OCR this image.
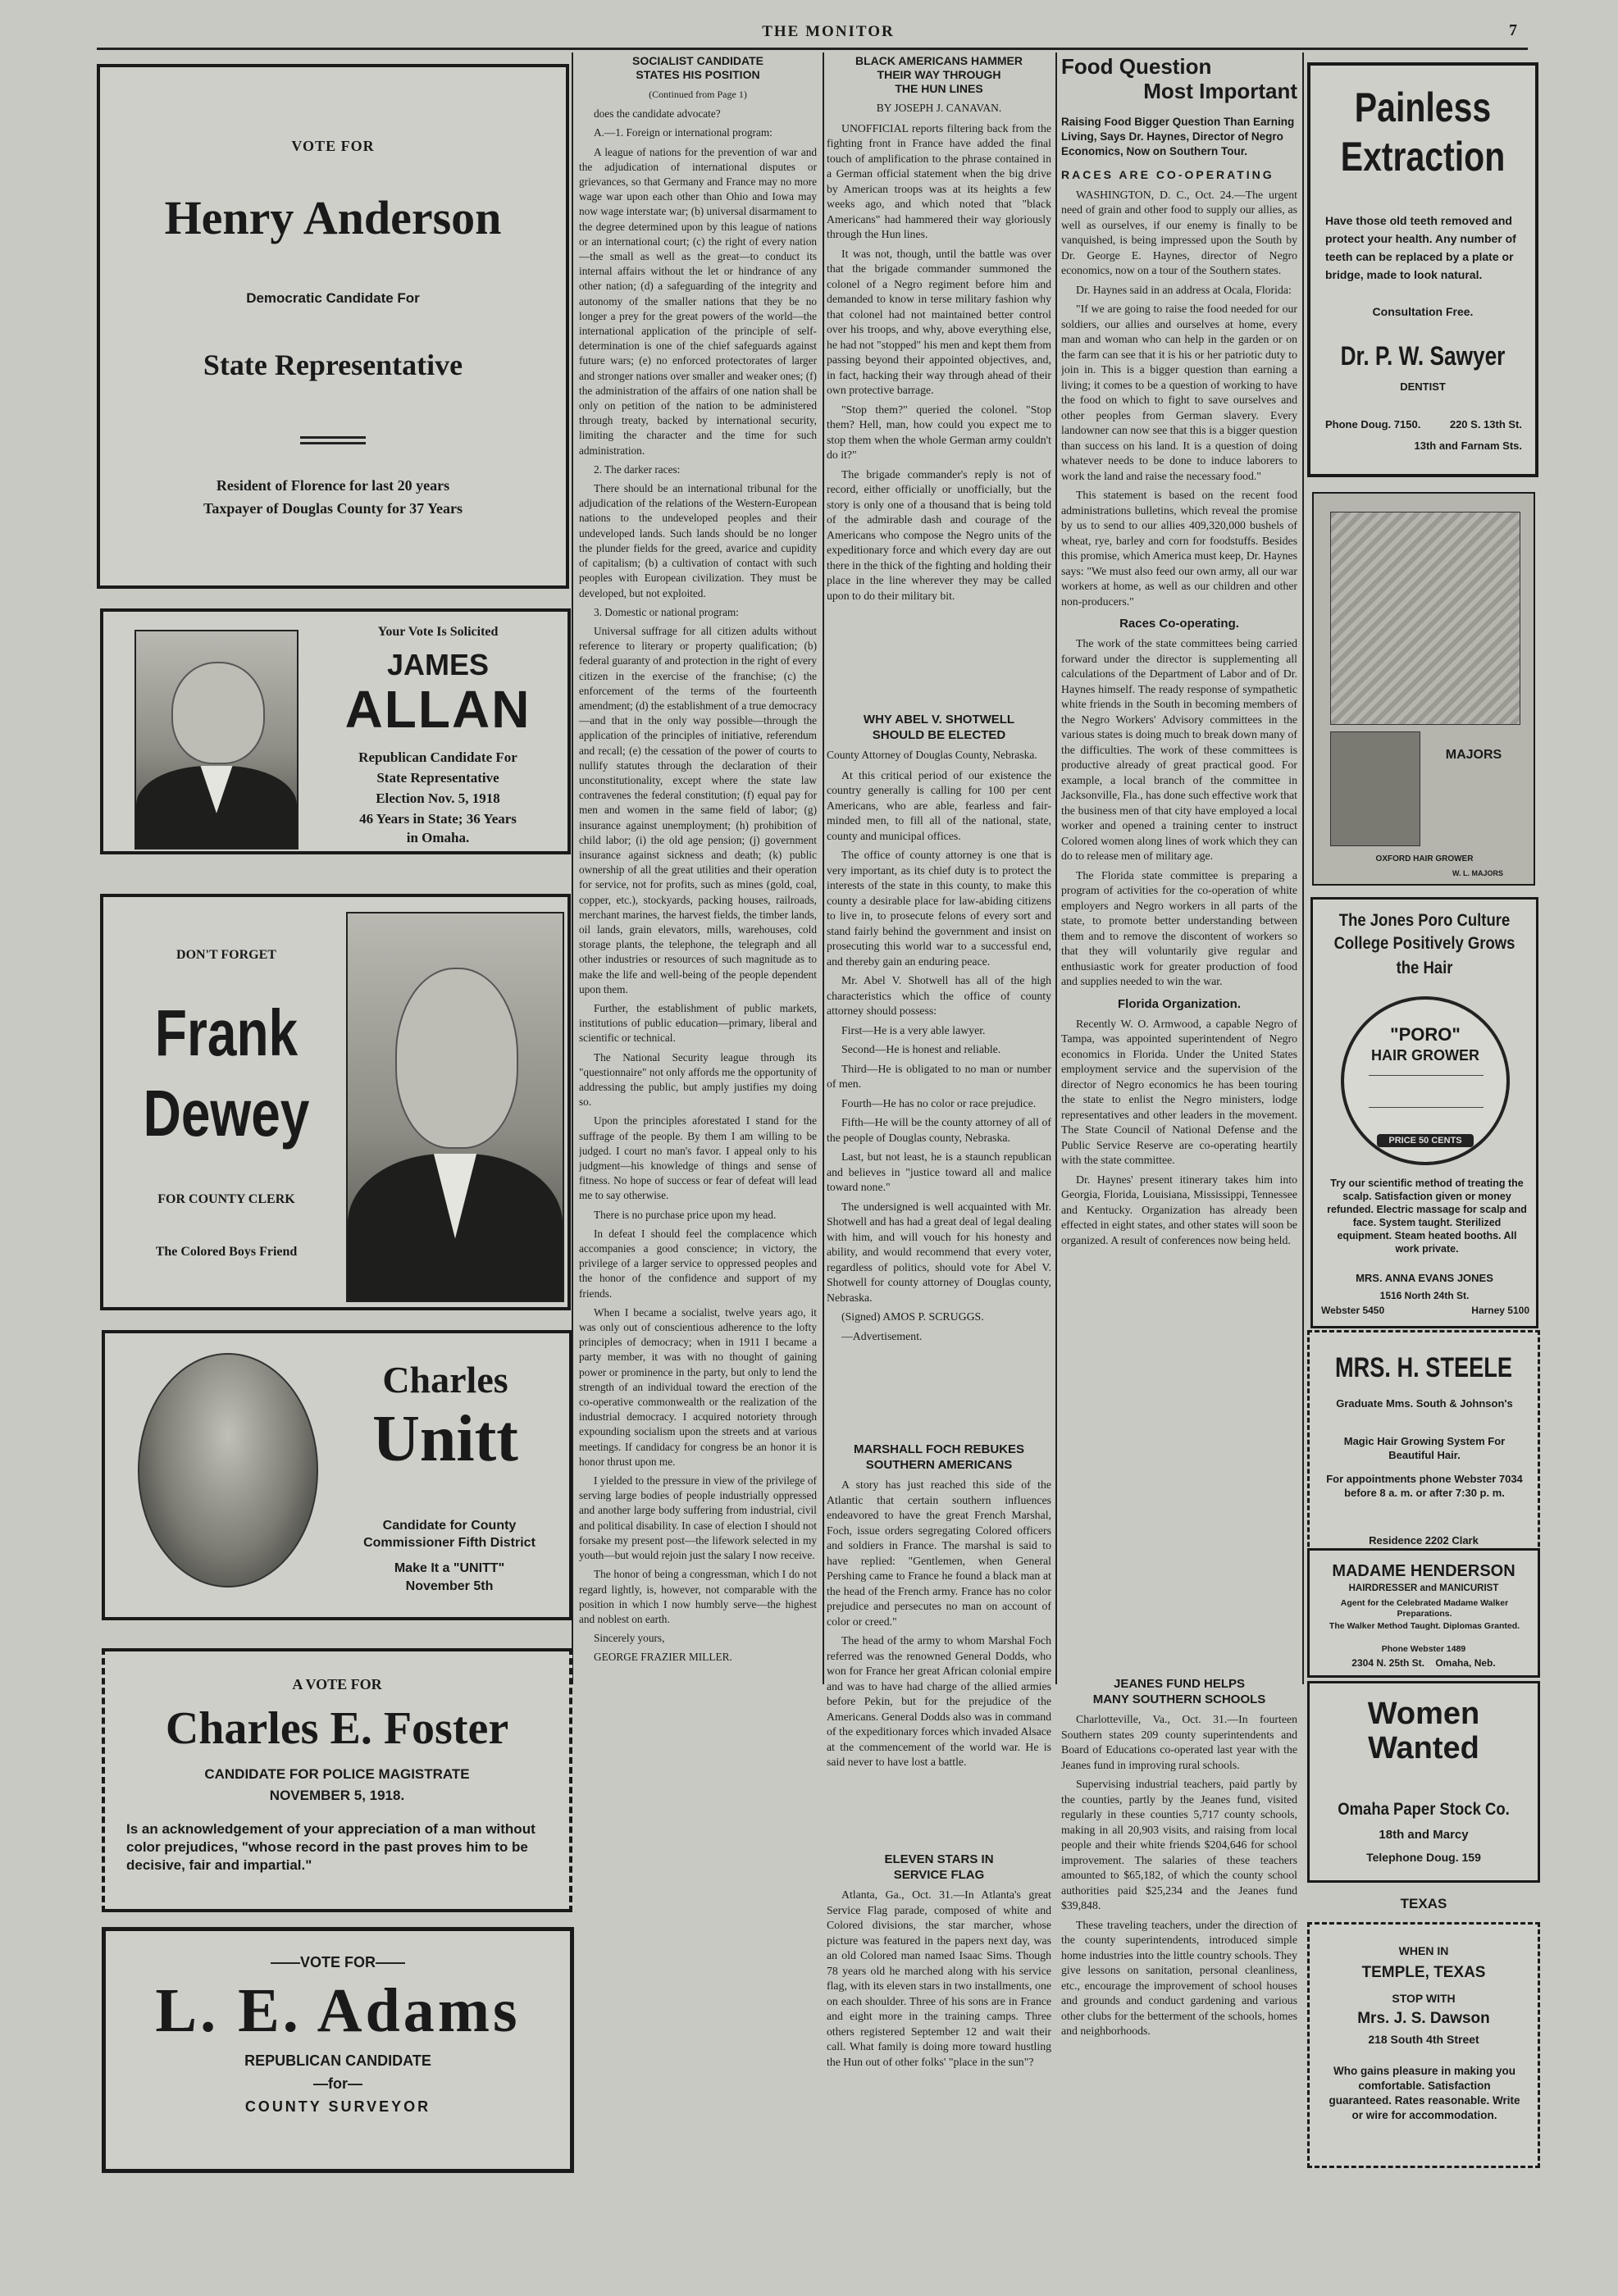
THE MONITOR	7
VOTE FOR
Henry Anderson
Democratic Candidate For
State Representative
Resident of Florence for last 20 years
Taxpayer of Douglas County for 37 Years
Your Vote Is Solicited
JAMES
ALLAN
Republican Candidate For
State Representative
Election Nov. 5, 1918
46 Years in State; 36 Years
in Omaha.
DON'T FORGET
Frank
Dewey
FOR COUNTY CLERK
The Colored Boys Friend
Charles
Unitt
Candidate for County Commissioner Fifth District
Make It a "UNITT"
November 5th
A VOTE FOR
Charles E. Foster
CANDIDATE FOR POLICE MAGISTRATE
NOVEMBER 5, 1918.
Is an acknowledgement of your appreciation of a man without color prejudices, "whose record in the past proves him to be decisive, fair and impartial."
——VOTE FOR——
L. E. Adams
REPUBLICAN CANDIDATE
—for—
COUNTY SURVEYOR
SOCIALIST CANDIDATE
STATES HIS POSITION
(Continued from Page 1)

does the candidate advocate?

A.—1. Foreign or international program:

A league of nations for the prevention of war and the adjudication of international disputes or grievances, so that Germany and France may no more wage war upon each other than Ohio and Iowa may now wage interstate war; (b) universal disarmament to the degree determined upon by this league of nations or an international court; (c) the right of every nation—the small as well as the great—to conduct its internal affairs without the let or hindrance of any other nation; (d) a safeguarding of the integrity and autonomy of the smaller nations that they be no longer a prey for the great powers of the world—the international application of the principle of self-determination is one of the chief safeguards against future wars; (e) no enforced protectorates of larger and stronger nations over smaller and weaker ones; (f) the administration of the affairs of one nation shall be only on petition of the nation to be administered through treaty, backed by international security, limiting the character and the time for such administration.

2. The darker races:

There should be an international tribunal for the adjudication of the relations of the Western-European nations to the undeveloped peoples and their undeveloped lands. Such lands should be no longer the plunder fields for the greed, avarice and cupidity of capitalism; (b) a cultivation of contact with such peoples with European civilization. They must be developed, but not exploited.

3. Domestic or national program:

Universal suffrage for all citizen adults without reference to literary or property qualification; (b) federal guaranty of and protection in the right of every citizen in the exercise of the franchise; (c) the enforcement of the terms of the fourteenth amendment; (d) the establishment of a true democracy—and that in the only way possible—through the application of the principles of initiative, referendum and recall; (e) the cessation of the power of courts to nullify statutes through the declaration of their unconstitutionality, except where the state law contravenes the federal constitution; (f) equal pay for men and women in the same field of labor; (g) insurance against unemployment; (h) prohibition of child labor; (i) the old age pension; (j) government insurance against sickness and death; (k) public ownership of all the great utilities and their operation for service, not for profits, such as mines (gold, coal, copper, etc.), stockyards, packing houses, railroads, merchant marines, the harvest fields, the timber lands, oil lands, grain elevators, mills, warehouses, cold storage plants, the telephone, the telegraph and all other industries or resources of such magnitude as to make the life and well-being of the people dependent upon them.

Further, the establishment of public markets, institutions of public education—primary, liberal and scientific or technical.

The National Security league through its "questionnaire" not only affords me the opportunity of addressing the public, but amply justifies my doing so.

Upon the principles aforestated I stand for the suffrage of the people. By them I am willing to be judged. I court no man's favor. I appeal only to his judgment—his knowledge of things and sense of fitness. No hope of success or fear of defeat will lead me to say otherwise.

There is no purchase price upon my head.

In defeat I should feel the complacence which accompanies a good conscience; in victory, the privilege of a larger service to oppressed peoples and the honor of the confidence and support of my friends.

When I became a socialist, twelve years ago, it was only out of conscientious adherence to the lofty principles of democracy; when in 1911 I became a party member, it was with no thought of gaining power or prominence in the party, but only to lend the strength of an individual toward the erection of the co-operative commonwealth or the realization of the industrial democracy. I acquired notoriety through expounding socialism upon the streets and at various meetings. If candidacy for congress be an honor it is honor thrust upon me.

I yielded to the pressure in view of the privilege of serving large bodies of people industrially oppressed and another large body suffering from industrial, civil and political disability. In case of election I should not forsake my present post—the lifework selected in my youth—but would rejoin just the salary I now receive.

The honor of being a congressman, which I do not regard lightly, is, however, not comparable with the position in which I now humbly serve—the highest and noblest on earth.

Sincerely yours,

GEORGE FRAZIER MILLER.

BLACK AMERICANS HAMMER
THEIR WAY THROUGH
THE HUN LINES
BY JOSEPH J. CANAVAN.

UNOFFICIAL reports filtering back from the fighting front in France have added the final touch of amplification to the phrase contained in a German official statement when the big drive by American troops was at its heights a few weeks ago, and which noted that "black Americans" had hammered their way gloriously through the Hun lines.

It was not, though, until the battle was over that the brigade commander summoned the colonel of a Negro regiment before him and demanded to know in terse military fashion why that colonel had not maintained better control over his troops, and why, above everything else, he had not "stopped" his men and kept them from passing beyond their appointed objectives, and, in fact, hacking their way through ahead of their own protective barrage.

"Stop them?" queried the colonel. "Stop them? Hell, man, how could you expect me to stop them when the whole German army couldn't do it?"

The brigade commander's reply is not of record, either officially or unofficially, but the story is only one of a thousand that is being told of the admirable dash and courage of the Americans who compose the Negro units of the expeditionary force and which every day are out there in the thick of the fighting and holding their place in the line wherever they may be called upon to do their military bit.

WHY ABEL V. SHOTWELL
SHOULD BE ELECTED
County Attorney of Douglas County, Nebraska.

At this critical period of our existence the country generally is calling for 100 per cent Americans, who are able, fearless and fair-minded men, to fill all of the national, state, county and municipal offices.

The office of county attorney is one that is very important, as its chief duty is to protect the interests of the state in this county, to make this county a desirable place for law-abiding citizens to live in, to prosecute felons of every sort and stand fairly behind the government and insist on prosecuting this world war to a successful end, and thereby gain an enduring peace.

Mr. Abel V. Shotwell has all of the high characteristics which the office of county attorney should possess:

First—He is a very able lawyer.

Second—He is honest and reliable.

Third—He is obligated to no man or number of men.

Fourth—He has no color or race prejudice.

Fifth—He will be the county attorney of all of the people of Douglas county, Nebraska.

Last, but not least, he is a staunch republican and believes in "justice toward all and malice toward none."

The undersigned is well acquainted with Mr. Shotwell and has had a great deal of legal dealing with him, and will vouch for his honesty and ability, and would recommend that every voter, regardless of politics, should vote for Abel V. Shotwell for county attorney of Douglas county, Nebraska.

(Signed) AMOS P. SCRUGGS.

—Advertisement.

MARSHALL FOCH REBUKES
SOUTHERN AMERICANS

A story has just reached this side of the Atlantic that certain southern influences endeavored to have the great French Marshal, Foch, issue orders segregating Colored officers and soldiers in France. The marshal is said to have replied: "Gentlemen, when General Pershing came to France he found a black man at the head of the French army. France has no color prejudice and persecutes no man on account of color or creed."

The head of the army to whom Marshal Foch referred was the renowned General Dodds, who won for France her great African colonial empire and was to have had charge of the allied armies before Pekin, but for the prejudice of the Americans. General Dodds also was in command of the expeditionary forces which invaded Alsace at the commencement of the world war. He is said never to have lost a battle.

ELEVEN STARS IN
SERVICE FLAG

Atlanta, Ga., Oct. 31.—In Atlanta's great Service Flag parade, composed of white and Colored divisions, the star marcher, whose picture was featured in the papers next day, was an old Colored man named Isaac Sims. Though 78 years old he marched along with his service flag, with its eleven stars in two installments, one on each shoulder. Three of his sons are in France and eight more in the training camps. Three others registered September 12 and wait their call. What family is doing more toward hustling the Hun out of other folks' "place in the sun"?

Food Question
Most Important
Raising Food Bigger Question Than Earning Living, Says Dr. Haynes, Director of Negro Economics, Now on Southern Tour.
RACES ARE CO-OPERATING

WASHINGTON, D. C., Oct. 24.—The urgent need of grain and other food to supply our allies, as well as ourselves, if our enemy is finally to be vanquished, is being impressed upon the South by Dr. George E. Haynes, director of Negro economics, now on a tour of the Southern states.

Dr. Haynes said in an address at Ocala, Florida:

"If we are going to raise the food needed for our soldiers, our allies and ourselves at home, every man and woman who can help in the garden or on the farm can see that it is his or her patriotic duty to join in. This is a bigger question than earning a living; it comes to be a question of working to have the food on which to fight to save ourselves and other peoples from German slavery. Every landowner can now see that this is a bigger question than success on his land. It is a question of doing whatever needs to be done to induce laborers to work the land and raise the necessary food."

This statement is based on the recent food administrations bulletins, which reveal the promise by us to send to our allies 409,320,000 bushels of wheat, rye, barley and corn for foodstuffs. Besides this promise, which America must keep, Dr. Haynes says: "We must also feed our own army, all our war workers at home, as well as our children and other non-producers."

Races Co-operating.

The work of the state committees being carried forward under the director is supplementing all calculations of the Department of Labor and of Dr. Haynes himself. The ready response of sympathetic white friends in the South in becoming members of the Negro Workers' Advisory committees in the various states is doing much to break down many of the difficulties. The work of these committees is productive already of great practical good. For example, a local branch of the committee in Jacksonville, Fla., has done such effective work that the business men of that city have employed a local worker and opened a training center to instruct Colored women along lines of work which they can do to release men of military age.

The Florida state committee is preparing a program of activities for the co-operation of white employers and Negro workers in all parts of the state, to promote better understanding between them and to remove the discontent of workers so that they will voluntarily give regular and enthusiastic work for greater production of food and supplies needed to win the war.

Florida Organization.

Recently W. O. Armwood, a capable Negro of Tampa, was appointed superintendent of Negro economics in Florida. Under the United States employment service and the supervision of the director of Negro economics he has been touring the state to enlist the Negro ministers, lodge representatives and other leaders in the movement. The State Council of National Defense and the Public Service Reserve are co-operating heartily with the state committee.

Dr. Haynes' present itinerary takes him into Georgia, Florida, Louisiana, Mississippi, Tennessee and Kentucky. Organization has already been effected in eight states, and other states will soon be organized. A result of conferences now being held.

JEANES FUND HELPS
MANY SOUTHERN SCHOOLS

Charlotteville, Va., Oct. 31.—In fourteen Southern states 209 county superintendents and Board of Educations co-operated last year with the Jeanes fund in improving rural schools.

Supervising industrial teachers, paid partly by the counties, partly by the Jeanes fund, visited regularly in these counties 5,717 county schools, making in all 20,903 visits, and raising from local people and their white friends $204,646 for school improvement. The salaries of these teachers amounted to $65,182, of which the county school authorities paid $25,234 and the Jeanes fund $39,848.

These traveling teachers, under the direction of the county superintendents, introduced simple home industries into the little country schools. They give lessons on sanitation, personal cleanliness, etc., encourage the improvement of school houses and grounds and conduct gardening and various other clubs for the betterment of the schools, homes and neighborhoods.

Painless
Extraction
Have those old teeth removed and protect your health. Any number of teeth can be replaced by a plate or bridge, made to look natural.
Consultation Free.
Dr. P. W. Sawyer
DENTIST
Phone Doug. 7150.	220 S. 13th St.
13th and Farnam Sts.
MAJORS
OXFORD HAIR GROWER
W. L. MAJORS
The Jones Poro Culture
College Positively Grows
the Hair
"PORO"
HAIR GROWER
PRICE 50 CENTS
Try our scientific method of treating the scalp. Satisfaction given or money refunded. Electric massage for scalp and face. System taught. Sterilized equipment. Steam heated booths. All work private.
MRS. ANNA EVANS JONES
1516 North 24th St.
Webster 5450	Harney 5100
MRS. H. STEELE
Graduate Mms. South & Johnson's
Magic Hair Growing System For Beautiful Hair.
For appointments phone Webster 7034 before 8 a. m. or after 7:30 p. m.
Residence 2202 Clark
MADAME HENDERSON
HAIRDRESSER and MANICURIST
Agent for the Celebrated Madame Walker Preparations.
The Walker Method Taught. Diplomas Granted.
Phone Webster 1489
2304 N. 25th St.    Omaha, Neb.
Women
Wanted
Omaha Paper Stock Co.
18th and Marcy
Telephone Doug. 159
TEXAS
WHEN IN
TEMPLE, TEXAS
STOP WITH
Mrs. J. S. Dawson
218 South 4th Street
Who gains pleasure in making you comfortable. Satisfaction guaranteed. Rates reasonable. Write or wire for accommodation.
